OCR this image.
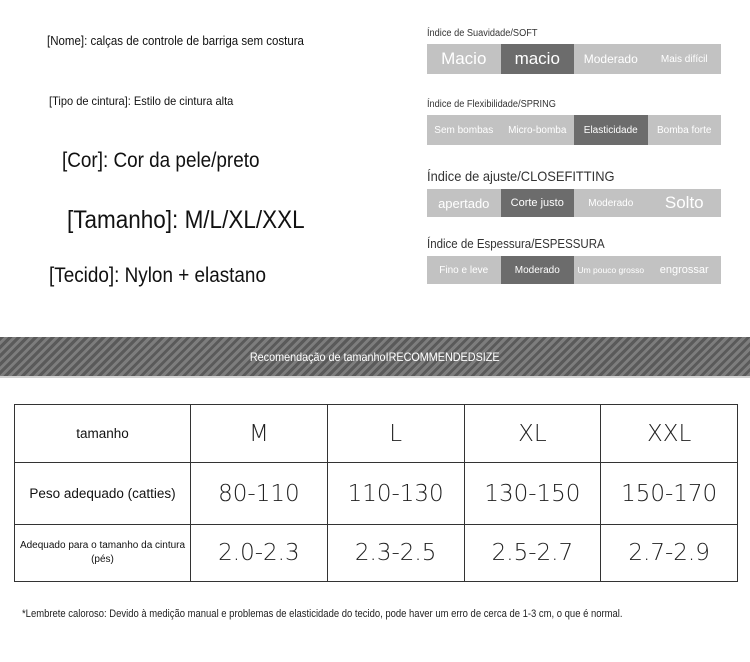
[Nome]: calças de controle de barriga sem costura
[Tipo de cintura]: Estilo de cintura alta
[Cor]: Cor da pele/preto
[Tamanho]: M/L/XL/XXL
[Tecido]: Nylon + elastano
Índice de Suavidade/SOFT
Macio	macio	Moderado	Mais difícil
Índice de Flexibilidade/SPRING
Sem bombas	Micro-bomba	Elasticidade	Bomba forte
Índice de ajuste/CLOSEFITTING
apertado	Corte justo	Moderado	Solto
Índice de Espessura/ESPESSURA
Fino e leve	Moderado	Um pouco grosso	engrossar
Recomendação de tamanhoIRECOMMENDEDSIZE
tamanho	M	L	XL	XXL
Peso adequado (catties)	80-110	110-130	130-150	150-170
Adequado para o tamanho da cintura (pés)	2.0-2.3	2.3-2.5	2.5-2.7	2.7-2.9
*Lembrete caloroso: Devido à medição manual e problemas de elasticidade do tecido, pode haver um erro de cerca de 1-3 cm, o que é normal.
